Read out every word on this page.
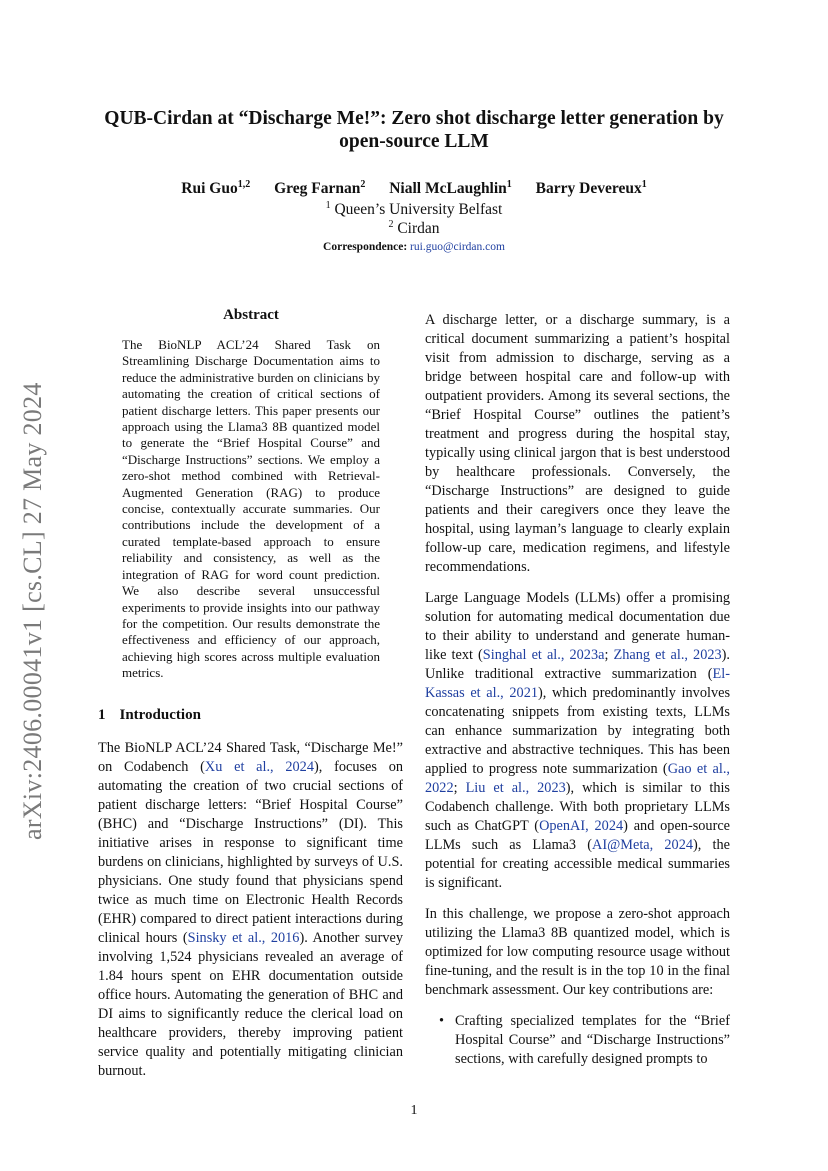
arXiv:2406.00041v1 [cs.CL] 27 May 2024
QUB-Cirdan at “Discharge Me!”: Zero shot discharge letter generation by
open-source LLM
Rui Guo$^{1,2}$ Greg Farnan$^2$ Niall McLaughlin$^1$ Barry Devereux$^1$
$^1$ Queen’s University Belfast
$^2$ Cirdan
Correspondence: rui.guo@cirdan.com
Abstract
The BioNLP ACL’24 Shared Task on Streamlining Discharge Documentation aims to reduce the administrative burden on clinicians by automating the creation of critical sections of patient discharge letters. This paper presents our approach using the Llama3 8B quantized model to generate the “Brief Hospital Course” and “Discharge Instructions” sections. We employ a zero-shot method combined with Retrieval-Augmented Generation (RAG) to produce concise, contextually accurate summaries. Our contributions include the development of a curated template-based approach to ensure reliability and consistency, as well as the integration of RAG for word count prediction. We also describe several unsuccessful experiments to provide insights into our pathway for the competition. Our results demonstrate the effectiveness and efficiency of our approach, achieving high scores across multiple evaluation metrics.
1 Introduction

The BioNLP ACL’24 Shared Task, “Discharge Me!” on Codabench (Xu et al., 2024), focuses on automating the creation of two crucial sections of patient discharge letters: “Brief Hospital Course” (BHC) and “Discharge Instructions” (DI). This initiative arises in response to significant time burdens on clinicians, highlighted by surveys of U.S. physicians. One study found that physicians spend twice as much time on Electronic Health Records (EHR) compared to direct patient interactions during clinical hours (Sinsky et al., 2016). Another survey involving 1,524 physicians revealed an average of 1.84 hours spent on EHR documentation outside office hours. Automating the generation of BHC and DI aims to significantly reduce the clerical load on healthcare providers, thereby improving patient service quality and potentially mitigating clinician burnout.

A discharge letter, or a discharge summary, is a critical document summarizing a patient’s hospital visit from admission to discharge, serving as a bridge between hospital care and follow-up with outpatient providers. Among its several sections, the “Brief Hospital Course” outlines the patient’s treatment and progress during the hospital stay, typically using clinical jargon that is best understood by healthcare professionals. Conversely, the “Discharge Instructions” are designed to guide patients and their caregivers once they leave the hospital, using layman’s language to clearly explain follow-up care, medication regimens, and lifestyle recommendations.

Large Language Models (LLMs) offer a promising solution for automating medical documentation due to their ability to understand and generate human-like text (Singhal et al., 2023a; Zhang et al., 2023). Unlike traditional extractive summarization (El-Kassas et al., 2021), which predominantly involves concatenating snippets from existing texts, LLMs can enhance summarization by integrating both extractive and abstractive techniques. This has been applied to progress note summarization (Gao et al., 2022; Liu et al., 2023), which is similar to this Codabench challenge. With both proprietary LLMs such as ChatGPT (OpenAI, 2024) and open-source LLMs such as Llama3 (AI@Meta, 2024), the potential for creating accessible medical summaries is significant.

In this challenge, we propose a zero-shot approach utilizing the Llama3 8B quantized model, which is optimized for low computing resource usage without fine-tuning, and the result is in the top 10 in the final benchmark assessment. Our key contributions are:

• Crafting specialized templates for the “Brief Hospital Course” and “Discharge Instructions” sections, with carefully designed prompts to
1
